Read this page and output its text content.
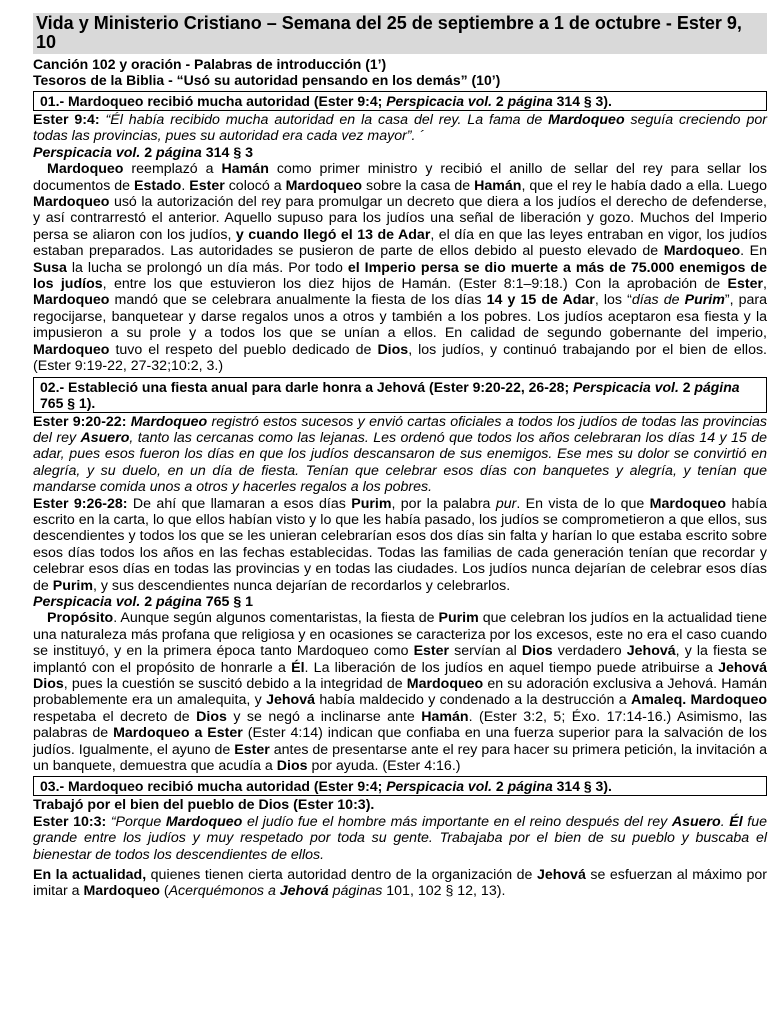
Vida y Ministerio Cristiano – Semana del 25 de septiembre a 1 de octubre - Ester 9, 10
Canción 102 y oración - Palabras de introducción (1’)
Tesoros de la Biblia - “Usó su autoridad pensando en los demás” (10’)
01.- Mardoqueo recibió mucha autoridad (Ester 9:4; Perspicacia vol. 2 página 314 § 3).
Ester 9:4: “Él había recibido mucha autoridad en la casa del rey. La fama de Mardoqueo seguía creciendo por todas las provincias, pues su autoridad era cada vez mayor”. ´
Perspicacia vol. 2 página 314 § 3
Mardoqueo reemplazó a Hamán como primer ministro y recibió el anillo de sellar del rey para sellar los documentos de Estado. Ester colocó a Mardoqueo sobre la casa de Hamán, que el rey le había dado a ella. Luego Mardoqueo usó la autorización del rey para promulgar un decreto que diera a los judíos el derecho de defenderse, y así contrarrestó el anterior. Aquello supuso para los judíos una señal de liberación y gozo. Muchos del Imperio persa se aliaron con los judíos, y cuando llegó el 13 de Adar, el día en que las leyes entraban en vigor, los judíos estaban preparados. Las autoridades se pusieron de parte de ellos debido al puesto elevado de Mardoqueo. En Susa la lucha se prolongó un día más. Por todo el Imperio persa se dio muerte a más de 75.000 enemigos de los judíos, entre los que estuvieron los diez hijos de Hamán. (Ester 8:1–9:18.) Con la aprobación de Ester, Mardoqueo mandó que se celebrara anualmente la fiesta de los días 14 y 15 de Adar, los “días de Purim”, para regocijarse, banquetear y darse regalos unos a otros y también a los pobres. Los judíos aceptaron esa fiesta y la impusieron a su prole y a todos los que se unían a ellos. En calidad de segundo gobernante del imperio, Mardoqueo tuvo el respeto del pueblo dedicado de Dios, los judíos, y continuó trabajando por el bien de ellos. (Ester 9:19-22, 27-32;10:2, 3.)
02.- Estableció una fiesta anual para darle honra a Jehová (Ester 9:20-22, 26-28; Perspicacia vol. 2 página 765 § 1).
Ester 9:20-22: Mardoqueo registró estos sucesos y envió cartas oficiales a todos los judíos de todas las provincias del rey Asuero, tanto las cercanas como las lejanas. Les ordenó que todos los años celebraran los días 14 y 15 de adar, pues esos fueron los días en que los judíos descansaron de sus enemigos. Ese mes su dolor se convirtió en alegría, y su duelo, en un día de fiesta. Tenían que celebrar esos días con banquetes y alegría, y tenían que mandarse comida unos a otros y hacerles regalos a los pobres.
Ester 9:26-28: De ahí que llamaran a esos días Purim, por la palabra pur. En vista de lo que Mardoqueo había escrito en la carta, lo que ellos habían visto y lo que les había pasado, los judíos se comprometieron a que ellos, sus descendientes y todos los que se les unieran celebrarían esos dos días sin falta y harían lo que estaba escrito sobre esos días todos los años en las fechas establecidas. Todas las familias de cada generación tenían que recordar y celebrar esos días en todas las provincias y en todas las ciudades. Los judíos nunca dejarían de celebrar esos días de Purim, y sus descendientes nunca dejarían de recordarlos y celebrarlos.
Perspicacia vol. 2 página 765 § 1
Propósito. Aunque según algunos comentaristas, la fiesta de Purim que celebran los judíos en la actualidad tiene una naturaleza más profana que religiosa y en ocasiones se caracteriza por los excesos, este no era el caso cuando se instituyó, y en la primera época tanto Mardoqueo como Ester servían al Dios verdadero Jehová, y la fiesta se implantó con el propósito de honrarle a Él. La liberación de los judíos en aquel tiempo puede atribuirse a Jehová Dios, pues la cuestión se suscitó debido a la integridad de Mardoqueo en su adoración exclusiva a Jehová. Hamán probablemente era un amalequita, y Jehová había maldecido y condenado a la destrucción a Amaleq. Mardoqueo respetaba el decreto de Dios y se negó a inclinarse ante Hamán. (Ester 3:2, 5; Éxo. 17:14-16.) Asimismo, las palabras de Mardoqueo a Ester (Ester 4:14) indican que confiaba en una fuerza superior para la salvación de los judíos. Igualmente, el ayuno de Ester antes de presentarse ante el rey para hacer su primera petición, la invitación a un banquete, demuestra que acudía a Dios por ayuda. (Ester 4:16.)
03.- Mardoqueo recibió mucha autoridad (Ester 9:4; Perspicacia vol. 2 página 314 § 3).
Trabajó por el bien del pueblo de Dios (Ester 10:3).
Ester 10:3: “Porque Mardoqueo el judío fue el hombre más importante en el reino después del rey Asuero. Él fue grande entre los judíos y muy respetado por toda su gente. Trabajaba por el bien de su pueblo y buscaba el bienestar de todos los descendientes de ellos.
En la actualidad, quienes tienen cierta autoridad dentro de la organización de Jehová se esfuerzan al máximo por imitar a Mardoqueo (Acerquémonos a Jehová páginas 101, 102 § 12, 13).
